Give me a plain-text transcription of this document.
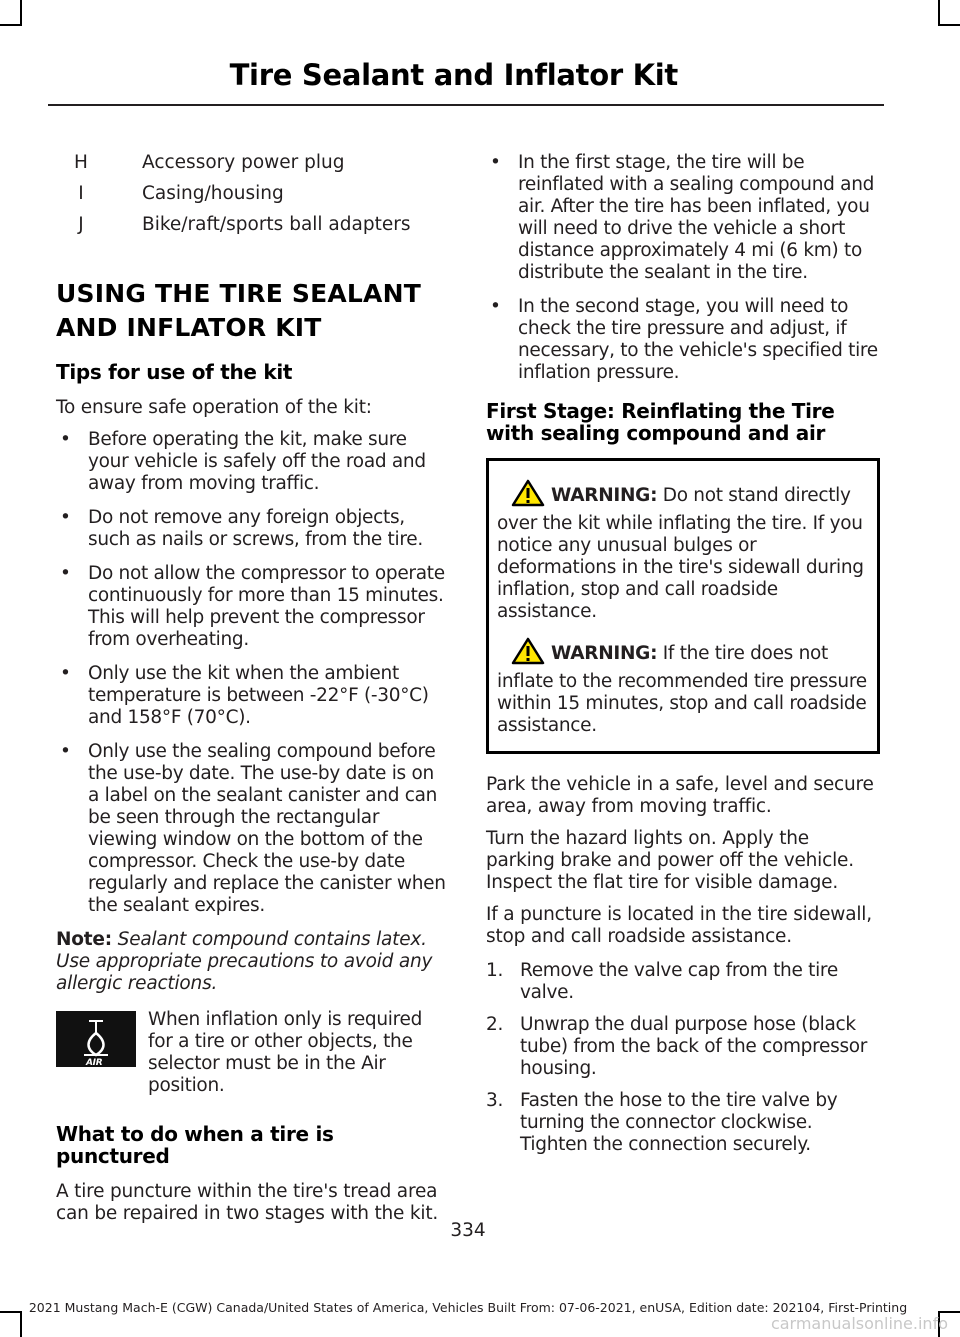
Tire Sealant and Inflator Kit
H	Accessory power plug
I	Casing/housing
J	Bike/raft/sports ball adapters
USING THE TIRE SEALANT
AND INFLATOR KIT
Tips for use of the kit

To ensure safe operation of the kit:

• Before operating the kit, make sure your vehicle is safely off the road and away from moving traffic.
• Do not remove any foreign objects, such as nails or screws, from the tire.
• Do not allow the compressor to operate continuously for more than 15 minutes. This will help prevent the compressor from overheating.
• Only use the kit when the ambient temperature is between -22°F (-30°C) and 158°F (70°C).
• Only use the sealing compound before the use-by date. The use-by date is on a label on the sealant canister and can be seen through the rectangular viewing window on the bottom of the compressor. Check the use-by date regularly and replace the canister when the sealant expires.

Note: Sealant compound contains latex. Use appropriate precautions to avoid any allergic reactions.

AIR
When inflation only is required for a tire or other objects, the selector must be in the Air position.
What to do when a tire is punctured

A tire puncture within the tire's tread area can be repaired in two stages with the kit.

• In the first stage, the tire will be reinflated with a sealing compound and air. After the tire has been inflated, you will need to drive the vehicle a short distance approximately 4 mi (6 km) to distribute the sealant in the tire.
• In the second stage, you will need to check the tire pressure and adjust, if necessary, to the vehicle's specified tire inflation pressure.
First Stage: Reinflating the Tire with sealing compound and air
WARNING: Do not stand directly over the kit while inflating the tire. If you notice any unusual bulges or deformations in the tire's sidewall during inflation, stop and call roadside assistance.
WARNING: If the tire does not inflate to the recommended tire pressure within 15 minutes, stop and call roadside assistance.

Park the vehicle in a safe, level and secure area, away from moving traffic.

Turn the hazard lights on. Apply the parking brake and power off the vehicle. Inspect the flat tire for visible damage.

If a puncture is located in the tire sidewall, stop and call roadside assistance.

1. Remove the valve cap from the tire valve.
2. Unwrap the dual purpose hose (black tube) from the back of the compressor housing.
3. Fasten the hose to the tire valve by turning the connector clockwise. Tighten the connection securely.
334
2021 Mustang Mach-E (CGW) Canada/United States of America, Vehicles Built From: 07-06-2021, enUSA, Edition date: 202104, First-Printing
carmanualsonline.info
